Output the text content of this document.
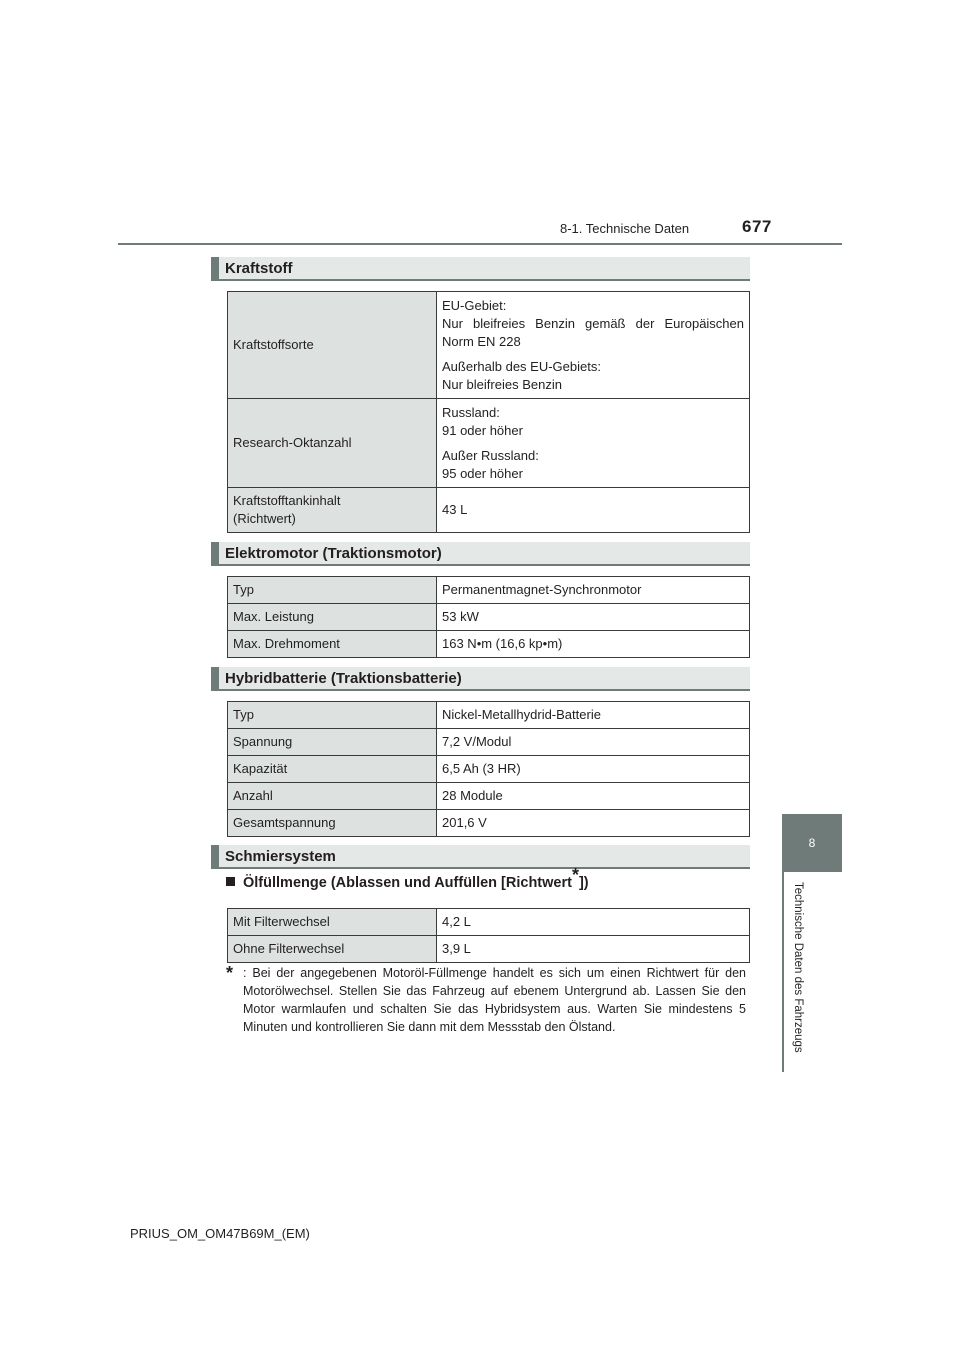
8-1. Technische Daten	677
8
Technische Daten des Fahrzeugs
Kraftstoff
Kraftstoffsorte	EU-Gebiet:
Nur bleifreies Benzin gemäß der Europäischen Norm EN 228

Außerhalb des EU-Gebiets:
Nur bleifreies Benzin

Research-Oktanzahl	Russland:
91 oder höher

Außer Russland:
95 oder höher

Kraftstofftankinhalt
(Richtwert)	43 L
Elektromotor (Traktionsmotor)
Typ	Permanentmagnet-Synchronmotor
Max. Leistung	53 kW
Max. Drehmoment	163 N•m (16,6 kp•m)
Hybridbatterie (Traktionsbatterie)
Typ	Nickel-Metallhydrid-Batterie
Spannung	7,2 V/Modul
Kapazität	6,5 Ah (3 HR)
Anzahl	28 Module
Gesamtspannung	201,6 V
Schmiersystem
Ölfüllmenge (Ablassen und Auffüllen [Richtwert*])
Mit Filterwechsel	4,2 L
Ohne Filterwechsel	3,9 L
* : Bei der angegebenen Motoröl-Füllmenge handelt es sich um einen Richtwert für den Motorölwechsel. Stellen Sie das Fahrzeug auf ebenem Untergrund ab. Lassen Sie den Motor warmlaufen und schalten Sie das Hybridsystem aus. Warten Sie mindestens 5 Minuten und kontrollieren Sie dann mit dem Messstab den Ölstand.
PRIUS_OM_OM47B69M_(EM)
